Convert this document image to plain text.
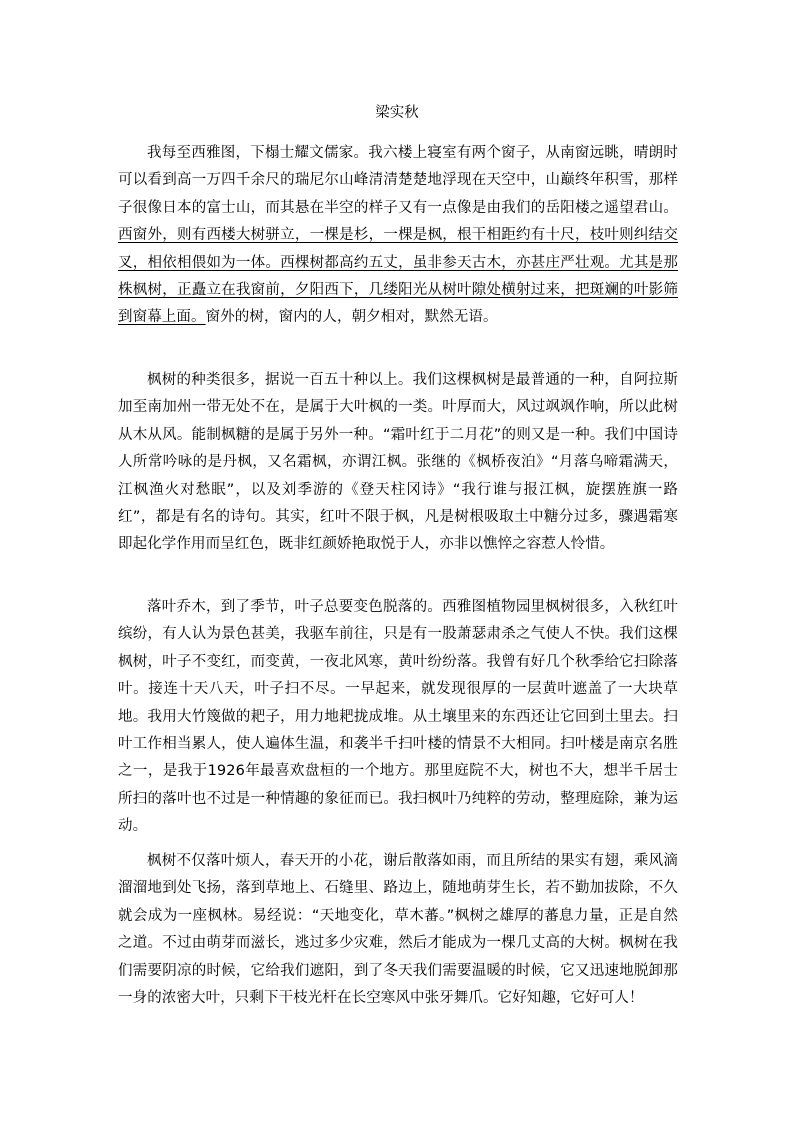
梁实秋

我每至西雅图，下榻士耀文儒家。我六楼上寝室有两个窗子，从南窗远眺，晴朗时可以看到高一万四千余尺的瑞尼尔山峰清清楚楚地浮现在天空中，山巅终年积雪，那样子很像日本的富士山，而其悬在半空的样子又有一点像是由我们的岳阳楼之遥望君山。西窗外，则有西楼大树骈立，一棵是杉，一棵是枫，根干相距约有十尺，枝叶则纠结交叉，相依相偎如为一体。西棵树都高约五丈，虽非参天古木，亦甚庄严壮观。尤其是那株枫树，正矗立在我窗前，夕阳西下，几缕阳光从树叶隙处横射过来，把斑斓的叶影筛到窗幕上面。窗外的树，窗内的人，朝夕相对，默然无语。

枫树的种类很多，据说一百五十种以上。我们这棵枫树是最普通的一种，自阿拉斯加至南加州一带无处不在，是属于大叶枫的一类。叶厚而大，风过飒飒作响，所以此树从木从风。能制枫糖的是属于另外一种。“霜叶红于二月花”的则又是一种。我们中国诗人所常吟咏的是丹枫，又名霜枫，亦谓江枫。张继的《枫桥夜泊》“月落乌啼霜满天，江枫渔火对愁眠”，以及刘季游的《登天柱冈诗》“我行谁与报江枫，旋摆旌旗一路红”，都是有名的诗句。其实，红叶不限于枫，凡是树根吸取土中糖分过多，骤遇霜寒即起化学作用而呈红色，既非红颜娇艳取悦于人，亦非以憔悴之容惹人怜惜。

落叶乔木，到了季节，叶子总要变色脱落的。西雅图植物园里枫树很多，入秋红叶缤纷，有人认为景色甚美，我驱车前往，只是有一股萧瑟肃杀之气使人不快。我们这棵枫树，叶子不变红，而变黄，一夜北风寒，黄叶纷纷落。我曾有好几个秋季给它扫除落叶。接连十天八天，叶子扫不尽。一早起来，就发现很厚的一层黄叶遮盖了一大块草地。我用大竹篾做的耙子，用力地耙拢成堆。从土壤里来的东西还让它回到土里去。扫叶工作相当累人，使人遍体生温，和袭半千扫叶楼的情景不大相同。扫叶楼是南京名胜之一，是我于1926年最喜欢盘桓的一个地方。那里庭院不大，树也不大，想半千居士所扫的落叶也不过是一种情趣的象征而已。我扫枫叶乃纯粹的劳动，整理庭除，兼为运动。

枫树不仅落叶烦人，春天开的小花，谢后散落如雨，而且所结的果实有翅，乘风滴溜溜地到处飞扬，落到草地上、石缝里、路边上，随地萌芽生长，若不勤加拔除，不久就会成为一座枫林。易经说：“天地变化，草木蕃。”枫树之雄厚的蕃息力量，正是自然之道。不过由萌芽而滋长，逃过多少灾难，然后才能成为一棵几丈高的大树。枫树在我们需要阴凉的时候，它给我们遮阳，到了冬天我们需要温暖的时候，它又迅速地脱卸那一身的浓密大叶，只剩下干枝光杆在长空寒风中张牙舞爪。它好知趣，它好可人！
